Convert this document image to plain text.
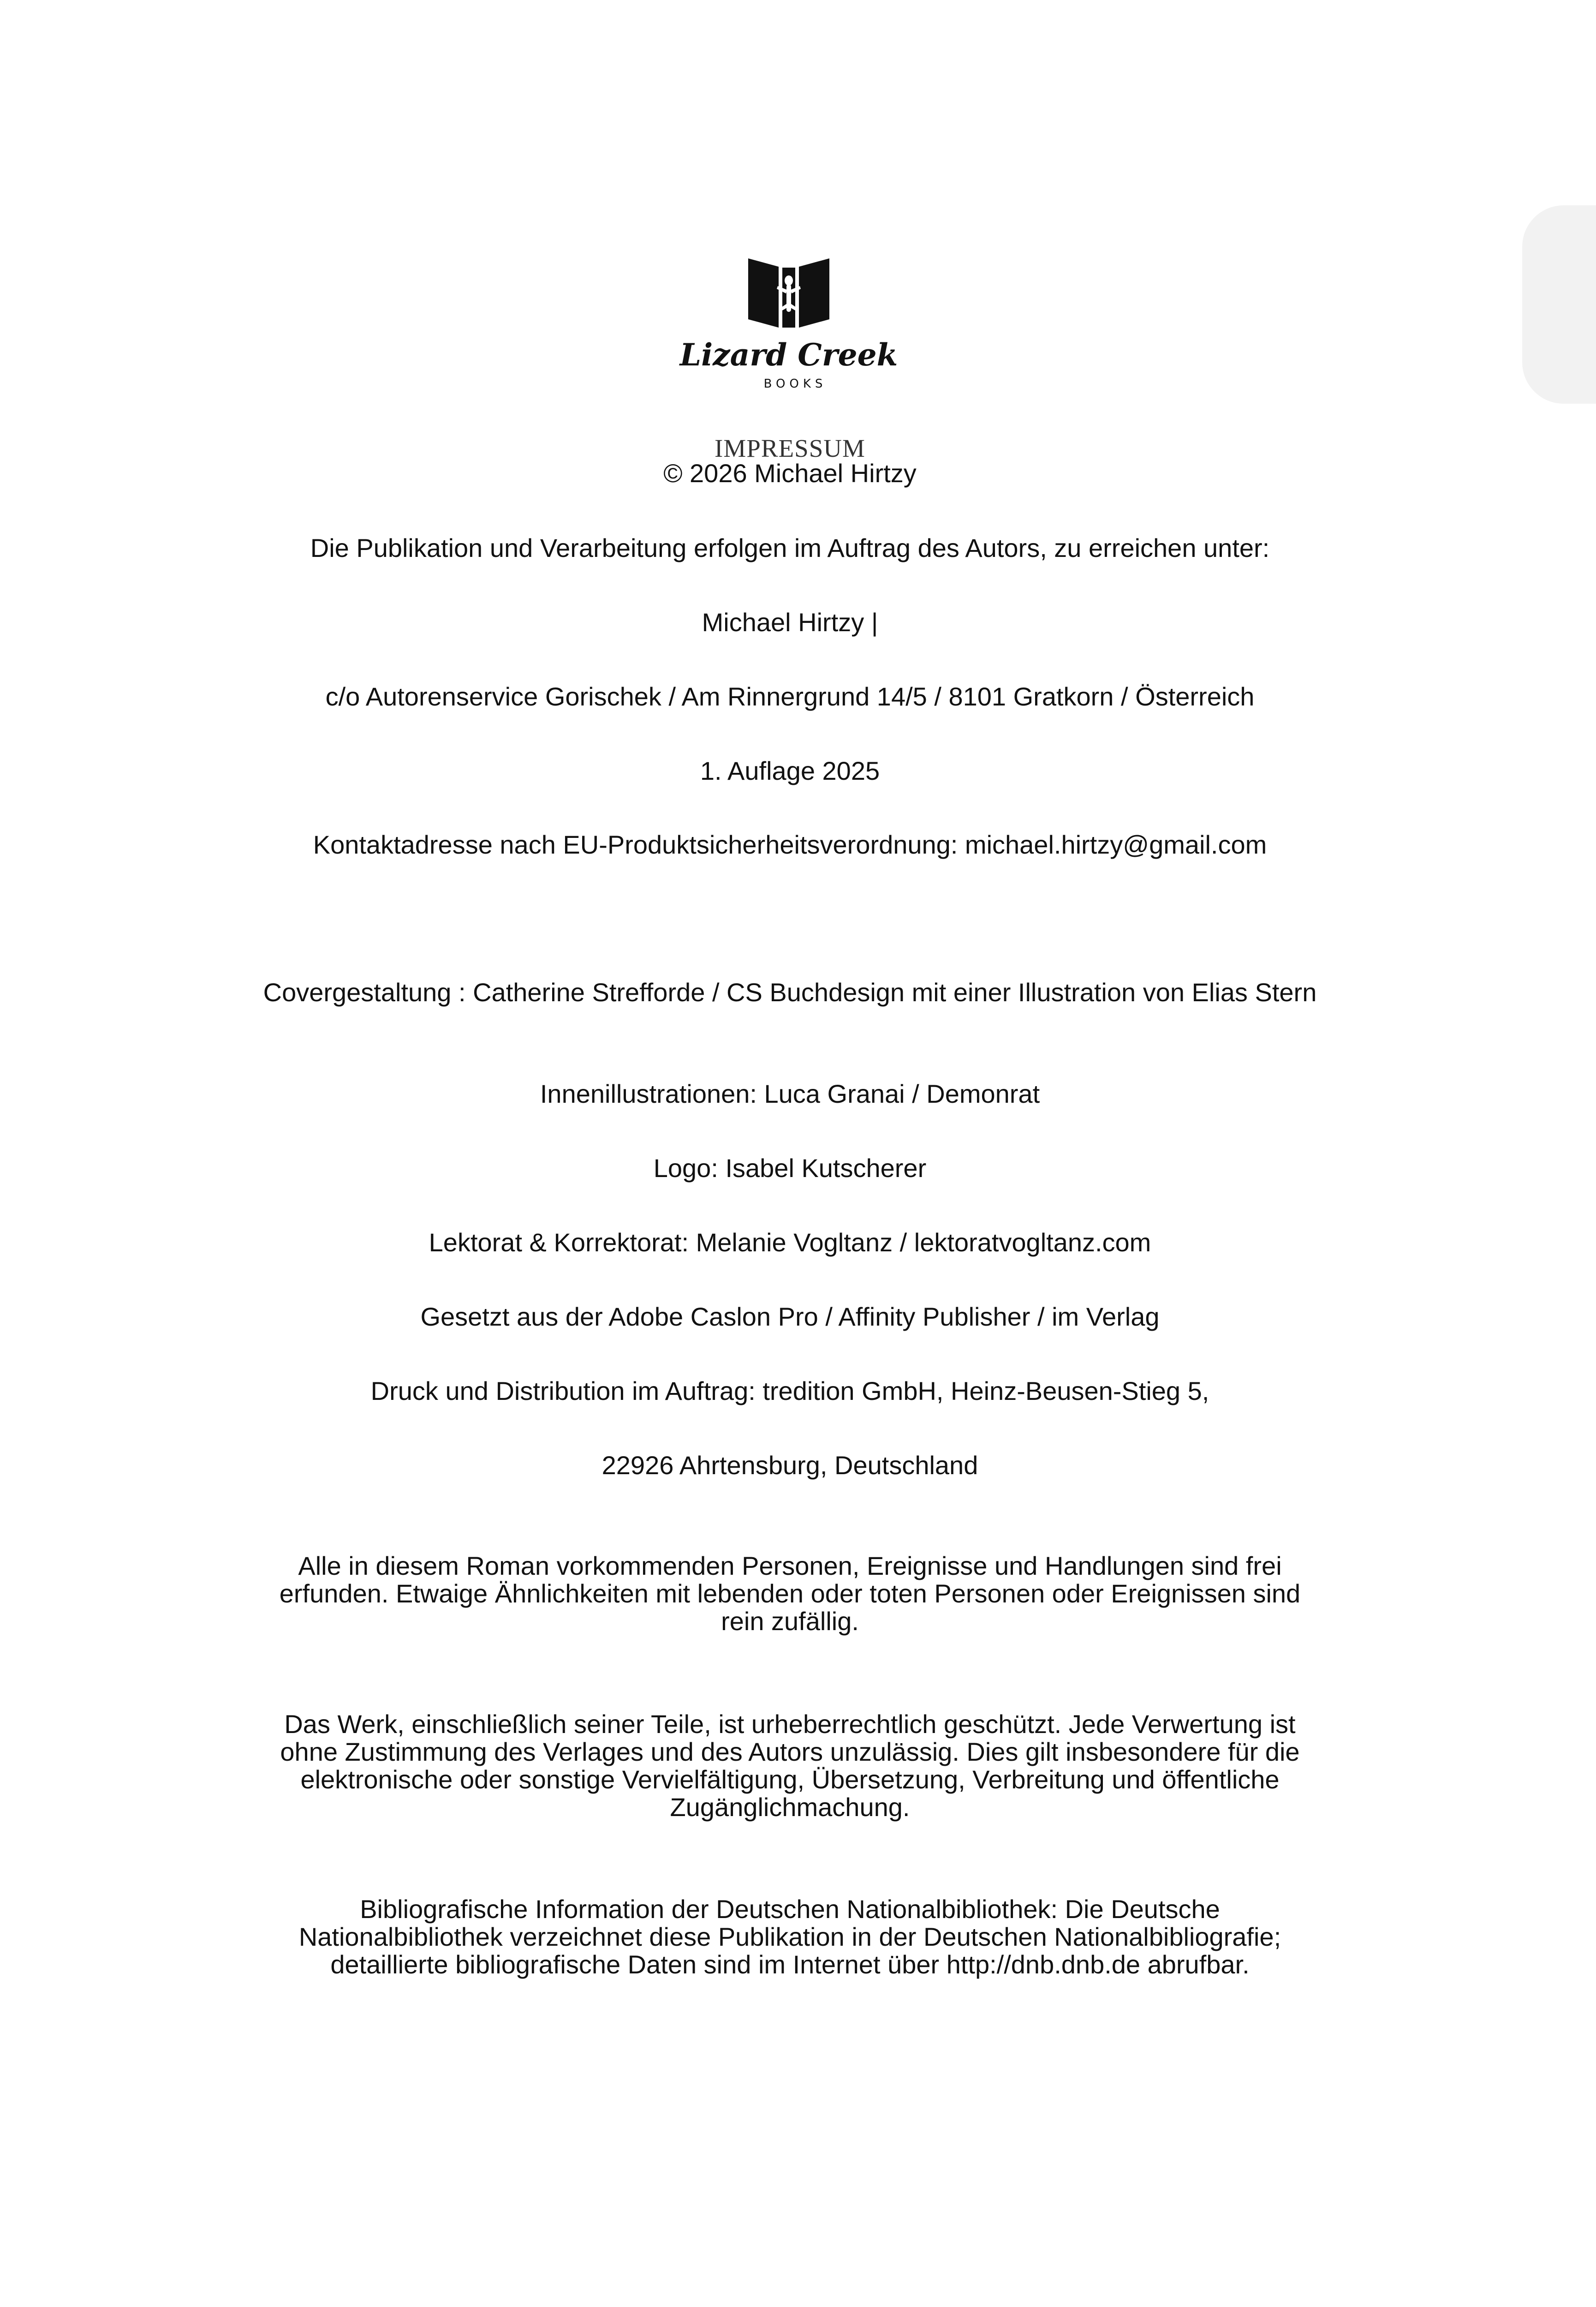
Lizard Creek
BOOKS
IMPRESSUM
© 2026 Michael Hirtzy
Die Publikation und Verarbeitung erfolgen im Auftrag des Autors, zu erreichen unter:
Michael Hirtzy |
c/o Autorenservice Gorischek / Am Rinnergrund 14/5 / 8101 Gratkorn / Österreich
1. Auflage 2025
Kontaktadresse nach EU-Produktsicherheitsverordnung: michael.hirtzy@gmail.com
Covergestaltung : Catherine Strefforde / CS Buchdesign mit einer Illustration von Elias Stern
Innenillustrationen: Luca Granai / Demonrat
Logo: Isabel Kutscherer
Lektorat & Korrektorat: Melanie Vogltanz / lektoratvogltanz.com
Gesetzt aus der Adobe Caslon Pro / Affinity Publisher / im Verlag
Druck und Distribution im Auftrag: tredition GmbH, Heinz-Beusen-Stieg 5,
22926 Ahrtensburg, Deutschland
Alle in diesem Roman vorkommenden Personen, Ereignisse und Handlungen sind frei erfunden. Etwaige Ähnlichkeiten mit lebenden oder toten Personen oder Ereignissen sind rein zufällig.
Das Werk, einschließlich seiner Teile, ist urheberrechtlich geschützt. Jede Verwertung ist ohne Zustimmung des Verlages und des Autors unzulässig. Dies gilt insbesondere für die elektronische oder sonstige Vervielfältigung, Übersetzung, Verbreitung und öffentliche Zugänglichmachung.
Bibliografische Information der Deutschen Nationalbibliothek: Die Deutsche Nationalbibliothek verzeichnet diese Publikation in der Deutschen Nationalbibliografie; detaillierte bibliografische Daten sind im Internet über http://dnb.dnb.de abrufbar.
